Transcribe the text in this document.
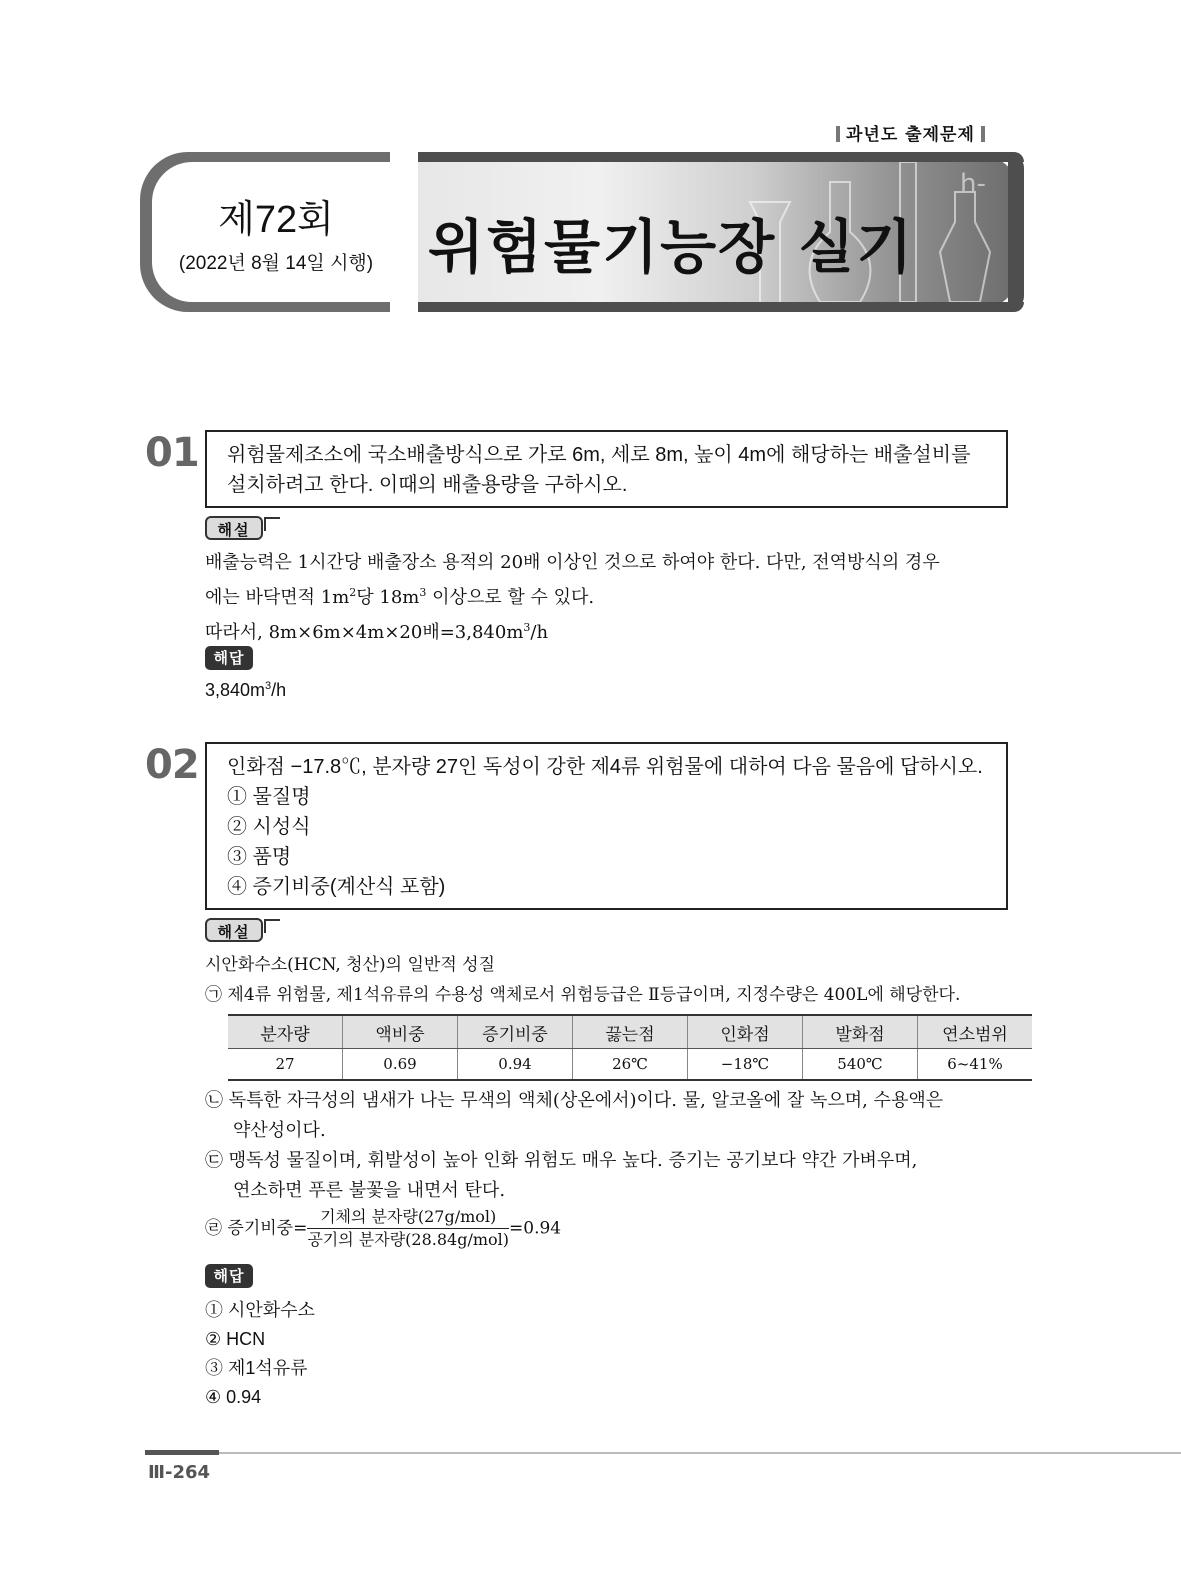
과년도 출제문제
h-
제72회
(2022년 8월 14일 시행) 위험물기능장 실기
01 위험물제조소에 국소배출방식으로 가로 6m, 세로 8m, 높이 4m에 해당하는 배출설비를
설치하려고 한다. 이때의 배출용량을 구하시오.
해설
배출능력은 1시간당 배출장소 용적의 20배 이상인 것으로 하여야 한다. 다만, 전역방식의 경우
에는 바닥면적 $1m^2$당 $18m^3$ 이상으로 할 수 있다.
따라서, 8m×6m×4m×20배$=3,840m^3/h$
해답
$3,840m^3/h$
02 인화점 −17.8℃, 분자량 27인 독성이 강한 제4류 위험물에 대하여 다음 물음에 답하시오.
① 물질명
② 시성식
③ 품명
④ 증기비중(계산식 포함)
해설
시안화수소(HCN, 청산)의 일반적 성질
㉠ 제4류 위험물, 제1석유류의 수용성 액체로서 위험등급은 Ⅱ등급이며, 지정수량은 400L에 해당한다.
분자량	액비중	증기비중	끓는점	인화점	발화점	연소범위
27	0.69	0.94	26℃	−18℃	540℃	6~41%
㉡ 독특한 자극성의 냄새가 나는 무색의 액체(상온에서)이다. 물, 알코올에 잘 녹으며, 수용액은
약산성이다.
㉢ 맹독성 물질이며, 휘발성이 높아 인화 위험도 매우 높다. 증기는 공기보다 약간 가벼우며,
연소하면 푸른 불꽃을 내면서 탄다.
㉣ 증기비중= $\frac{\text{기체의 분자량(27g/mol)}}{\text{공기의 분자량(28.84g/mol)}} =0.94$
해답
① 시안화수소
② HCN
③ 제1석유류
④ 0.94
Ⅲ-264
